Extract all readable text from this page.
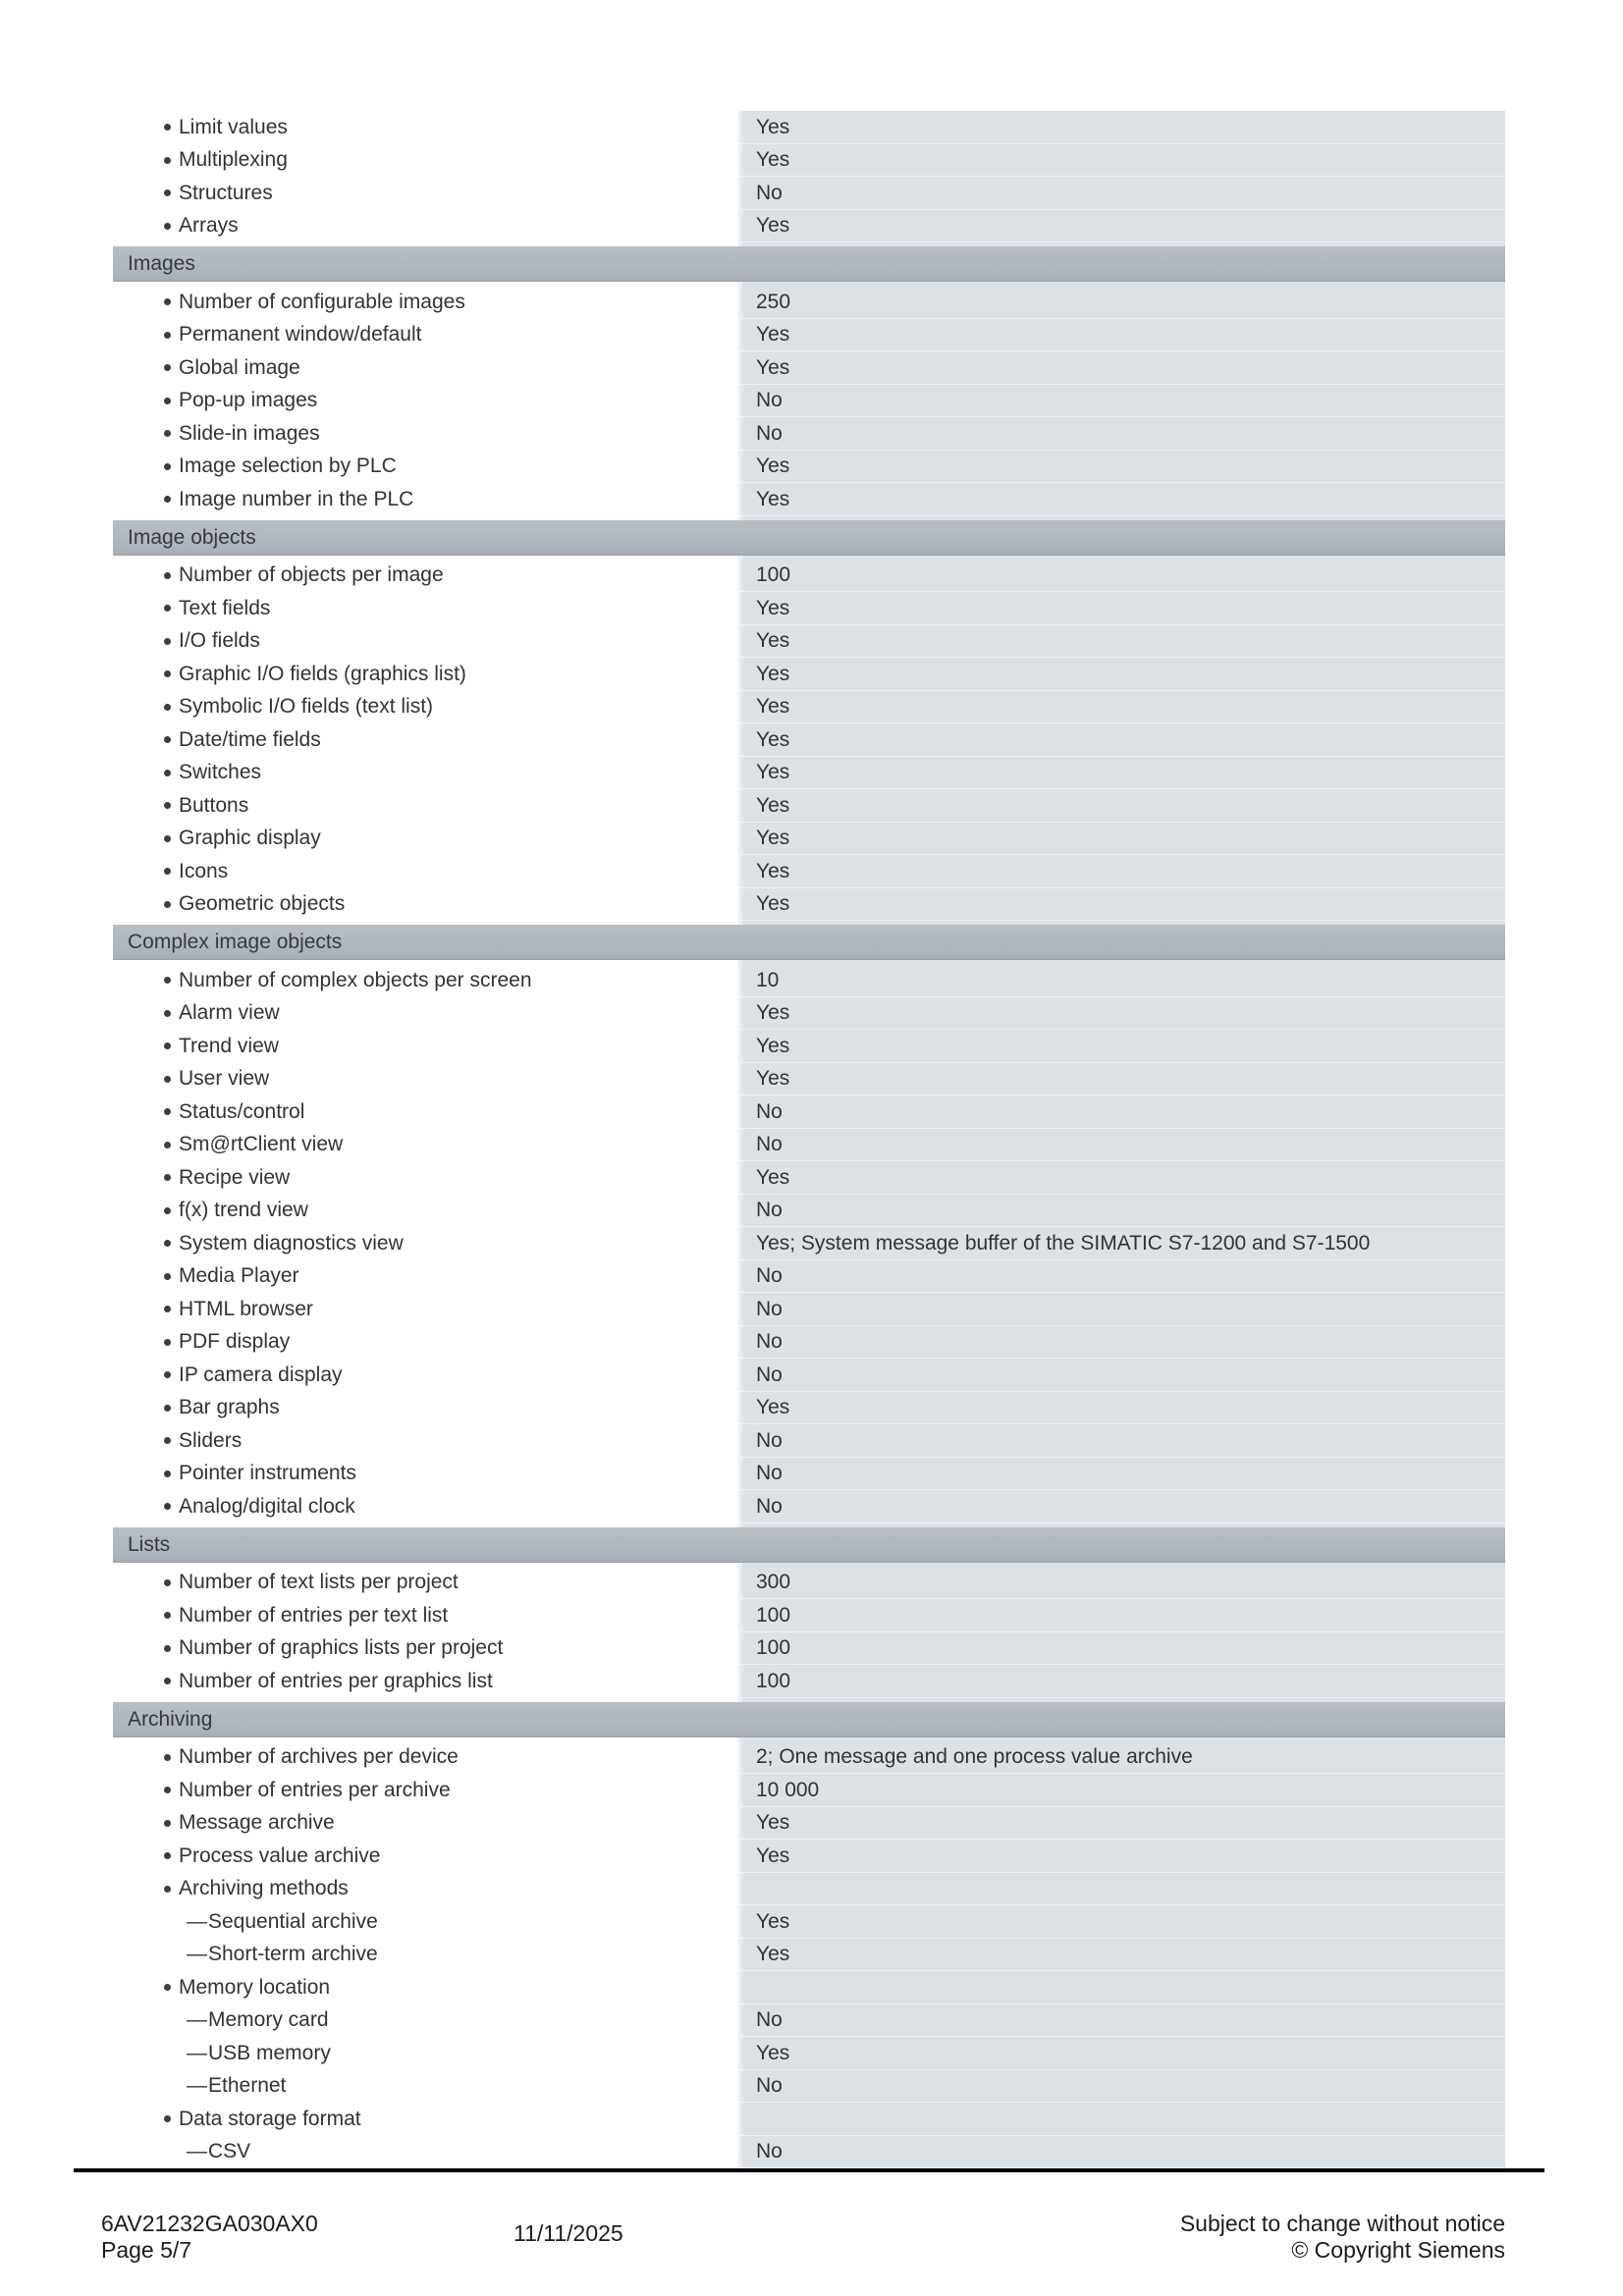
Limit values	Yes
Multiplexing	Yes
Structures	No
Arrays	Yes
Images
Number of configurable images	250
Permanent window/default	Yes
Global image	Yes
Pop-up images	No
Slide-in images	No
Image selection by PLC	Yes
Image number in the PLC	Yes
Image objects
Number of objects per image	100
Text fields	Yes
I/O fields	Yes
Graphic I/O fields (graphics list)	Yes
Symbolic I/O fields (text list)	Yes
Date/time fields	Yes
Switches	Yes
Buttons	Yes
Graphic display	Yes
Icons	Yes
Geometric objects	Yes
Complex image objects
Number of complex objects per screen	10
Alarm view	Yes
Trend view	Yes
User view	Yes
Status/control	No
Sm@rtClient view	No
Recipe view	Yes
f(x) trend view	No
System diagnostics view	Yes; System message buffer of the SIMATIC S7-1200 and S7-1500
Media Player	No
HTML browser	No
PDF display	No
IP camera display	No
Bar graphs	Yes
Sliders	No
Pointer instruments	No
Analog/digital clock	No
Lists
Number of text lists per project	300
Number of entries per text list	100
Number of graphics lists per project	100
Number of entries per graphics list	100
Archiving
Number of archives per device	2; One message and one process value archive
Number of entries per archive	10 000
Message archive	Yes
Process value archive	Yes
Archiving methods
— Sequential archive	Yes
— Short-term archive	Yes
Memory location
— Memory card	No
— USB memory	Yes
— Ethernet	No
Data storage format
— CSV	No
6AV21232GA030AX0
Page 5/7
11/11/2025	Subject to change without notice
© Copyright Siemens
